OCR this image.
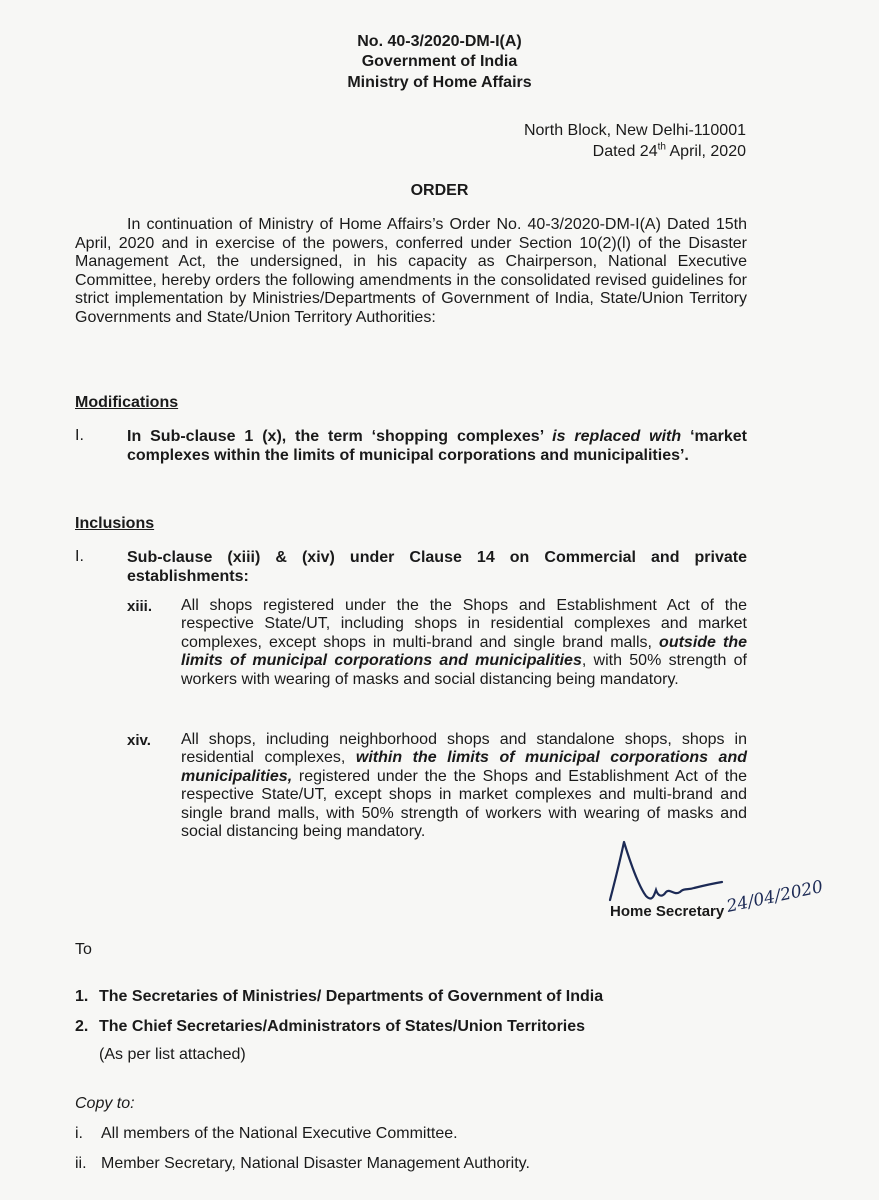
No. 40-3/2020-DM-I(A)
Government of India
Ministry of Home Affairs
North Block, New Delhi-110001
Dated 24th April, 2020
ORDER
In continuation of Ministry of Home Affairs’s Order No. 40-3/2020-DM-I(A) Dated 15th April, 2020 and in exercise of the powers, conferred under Section 10(2)(l) of the Disaster Management Act, the undersigned, in his capacity as Chairperson, National Executive Committee, hereby orders the following amendments in the consolidated revised guidelines for strict implementation by Ministries/Departments of Government of India, State/Union Territory Governments and State/Union Territory Authorities:
Modifications
I.	In Sub-clause 1 (x), the term ‘shopping complexes’ is replaced with ‘market complexes within the limits of municipal corporations and municipalities’.
Inclusions
I.	Sub-clause (xiii) & (xiv) under Clause 14 on Commercial and private establishments:
xiii. All shops registered under the the Shops and Establishment Act of the respective State/UT, including shops in residential complexes and market complexes, except shops in multi-brand and single brand malls, outside the limits of municipal corporations and municipalities, with 50% strength of workers with wearing of masks and social distancing being mandatory.
xiv. All shops, including neighborhood shops and standalone shops, shops in residential complexes, within the limits of municipal corporations and municipalities, registered under the the Shops and Establishment Act of the respective State/UT, except shops in market complexes and multi-brand and single brand malls, with 50% strength of workers with wearing of masks and social distancing being mandatory.
24/04/2020
Home Secretary
To
1. The Secretaries of Ministries/ Departments of Government of India
2. The Chief Secretaries/Administrators of States/Union Territories
(As per list attached)
Copy to:
i. All members of the National Executive Committee.
ii. Member Secretary, National Disaster Management Authority.
